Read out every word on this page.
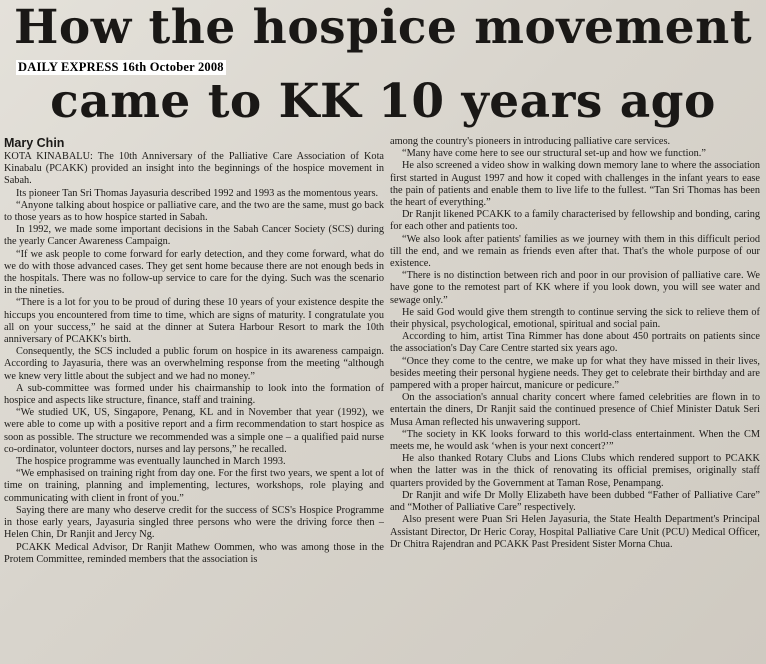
How the hospice movement
DAILY EXPRESS 16th October 2008
came to KK 10 years ago
Mary Chin

KOTA KINABALU: The 10th Anniversary of the Palliative Care Association of Kota Kinabalu (PCAKK) provided an insight into the beginnings of the hospice movement in Sabah.

Its pioneer Tan Sri Thomas Jayasuria described 1992 and 1993 as the momentous years.

“Anyone talking about hospice or palliative care, and the two are the same, must go back to those years as to how hospice started in Sabah.

In 1992, we made some important decisions in the Sabah Cancer Society (SCS) during the yearly Cancer Awareness Campaign.

“If we ask people to come forward for early detection, and they come forward, what do we do with those advanced cases. They get sent home because there are not enough beds in the hospitals. There was no follow-up service to care for the dying. Such was the scenario in the nineties.

“There is a lot for you to be proud of during these 10 years of your existence despite the hiccups you encountered from time to time, which are signs of maturity. I congratulate you all on your success,” he said at the dinner at Sutera Harbour Resort to mark the 10th anniversary of PCAKK's birth.

Consequently, the SCS included a public forum on hospice in its awareness campaign. According to Jayasuria, there was an overwhelming response from the meeting “although we knew very little about the subject and we had no money.”

A sub-committee was formed under his chairmanship to look into the formation of hospice and aspects like structure, finance, staff and training.

“We studied UK, US, Singapore, Penang, KL and in November that year (1992), we were able to come up with a positive report and a firm recommendation to start hospice as soon as possible. The structure we recommended was a simple one – a qualified paid nurse co-ordinator, volunteer doctors, nurses and lay persons,” he recalled.

The hospice programme was eventually launched in March 1993.

“We emphasised on training right from day one. For the first two years, we spent a lot of time on training, planning and implementing, lectures, workshops, role playing and communicating with client in front of you.”

Saying there are many who deserve credit for the success of SCS's Hospice Programme in those early years, Jayasuria singled three persons who were the driving force then – Helen Chin, Dr Ranjit and Jercy Ng.

PCAKK Medical Advisor, Dr Ranjit Mathew Oommen, who was among those in the Protem Committee, reminded members that the association is

among the country's pioneers in introducing palliative care services.

“Many have come here to see our structural set-up and how we function.”

He also screened a video show in walking down memory lane to where the association first started in August 1997 and how it coped with challenges in the infant years to ease the pain of patients and enable them to live life to the fullest. “Tan Sri Thomas has been the heart of everything.”

Dr Ranjit likened PCAKK to a family characterised by fellowship and bonding, caring for each other and patients too.

“We also look after patients' families as we journey with them in this difficult period till the end, and we remain as friends even after that. That's the whole purpose of our existence.

“There is no distinction between rich and poor in our provision of palliative care. We have gone to the remotest part of KK where if you look down, you will see water and sewage only.”

He said God would give them strength to continue serving the sick to relieve them of their physical, psychological, emotional, spiritual and social pain.

According to him, artist Tina Rimmer has done about 450 portraits on patients since the association's Day Care Centre started six years ago.

“Once they come to the centre, we make up for what they have missed in their lives, besides meeting their personal hygiene needs. They get to celebrate their birthday and are pampered with a proper haircut, manicure or pedicure.”

On the association's annual charity concert where famed celebrities are flown in to entertain the diners, Dr Ranjit said the continued presence of Chief Minister Datuk Seri Musa Aman reflected his unwavering support.

“The society in KK looks forward to this world-class entertainment. When the CM meets me, he would ask ‘when is your next concert?’”

He also thanked Rotary Clubs and Lions Clubs which rendered support to PCAKK when the latter was in the thick of renovating its official premises, originally staff quarters provided by the Government at Taman Rose, Penampang.

Dr Ranjit and wife Dr Molly Elizabeth have been dubbed “Father of Palliative Care” and “Mother of Palliative Care” respectively.

Also present were Puan Sri Helen Jayasuria, the State Health Department's Principal Assistant Director, Dr Heric Coray, Hospital Palliative Care Unit (PCU) Medical Officer, Dr Chitra Rajendran and PCAKK Past President Sister Morna Chua.
